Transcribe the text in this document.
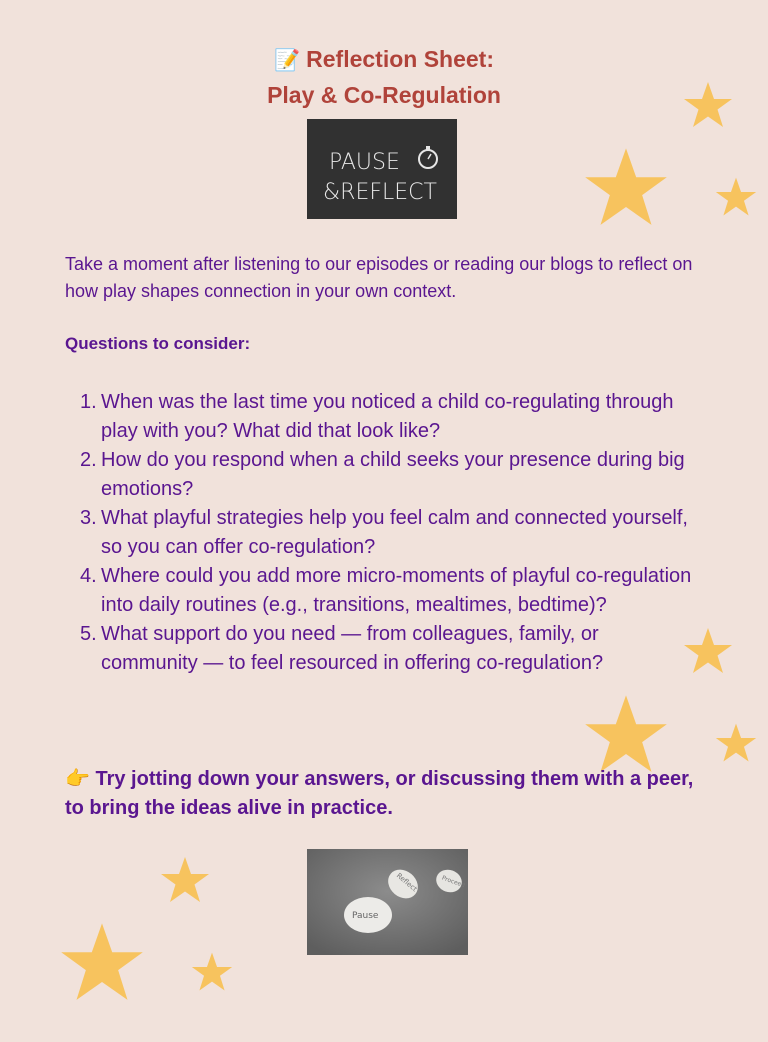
📝 Reflection Sheet:
Play & Co-Regulation
PAUSE
&REFLECT
Take a moment after listening to our episodes or reading our blogs to reflect on how play shapes connection in your own context.
Questions to consider:
1. When was the last time you noticed a child co-regulating through play with you? What did that look like?
2. How do you respond when a child seeks your presence during big emotions?
3. What playful strategies help you feel calm and connected yourself, so you can offer co-regulation?
4. Where could you add more micro-moments of playful co-regulation into daily routines (e.g., transitions, mealtimes, bedtime)?
5. What support do you need — from colleagues, family, or community — to feel resourced in offering co-regulation?
👉 Try jotting down your answers, or discussing them with a peer, to bring the ideas alive in practice.
Pause
Reflect	Proceed
